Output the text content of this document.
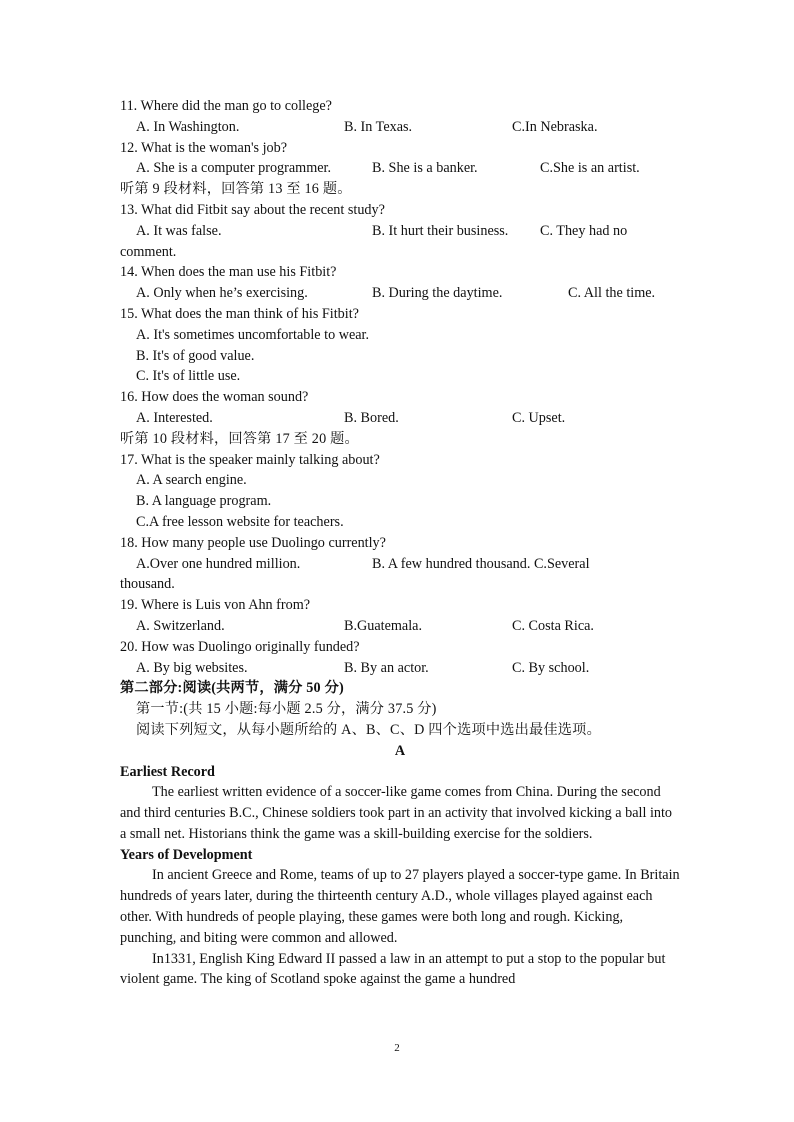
11. Where did the man go to college?
A. In Washington.	B. In Texas.	C.In Nebraska.
12. What is the woman's job?
A. She is a computer programmer.	B. She is a banker.	C.She is an artist.
听第 9 段材料，回答第 13 至 16 题。
13. What did Fitbit say about the recent study?
A. It was false.	B. It hurt their business. C. They had no
comment.
14. When does the man use his Fitbit?
A. Only when he’s exercising.	B. During the daytime.	C. All the time.
15. What does the man think of his Fitbit?
A. It's sometimes uncomfortable to wear.
B. It's of good value.
C. It's of little use.
16. How does the woman sound?
A. Interested.	B. Bored.	C. Upset.
听第 10 段材料，回答第 17 至 20 题。
17. What is the speaker mainly talking about?
A. A search engine.
B. A language program.
C.A free lesson website for teachers.
18. How many people use Duolingo currently?
A.Over one hundred million.	B. A few hundred thousand. C.Several
thousand.
19. Where is Luis von Ahn from?
A. Switzerland.	B.Guatemala.	C. Costa Rica.
20. How was Duolingo originally funded?
A. By big websites.	B. By an actor.	C. By school.
第二部分:阅读(共两节，满分 50 分)
第一节:(共 15 小题:每小题 2.5 分，满分 37.5 分)
阅读下列短文，从每小题所给的 A、B、C、D 四个选项中选出最佳选项。
A
Earliest Record
The earliest written evidence of a soccer-like game comes from China. During the second and third centuries B.C., Chinese soldiers took part in an activity that involved kicking a ball into a small net. Historians think the game was a skill-building exercise for the soldiers.
Years of Development
In ancient Greece and Rome, teams of up to 27 players played a soccer-type game. In Britain hundreds of years later, during the thirteenth century A.D., whole villages played against each other. With hundreds of people playing, these games were both long and rough. Kicking, punching, and biting were common and allowed.
In1331, English King Edward II passed a law in an attempt to put a stop to the popular but violent game. The king of Scotland spoke against the game a hundred
2
